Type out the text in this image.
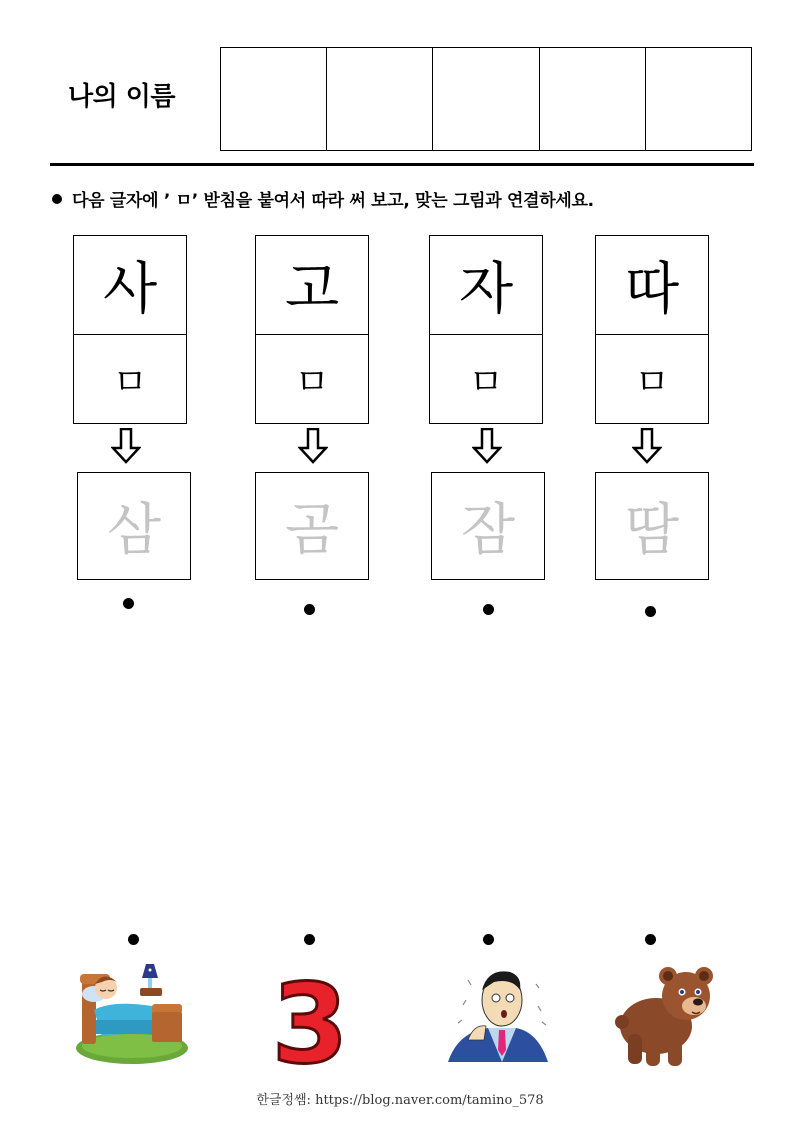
나의 이름
다음 글자에 ’ ㅁ’ 받침을 붙여서 따라 써 보고, 맞는 그림과 연결하세요.
사
ㅁ
삼
고
ㅁ
곰
자
ㅁ
잠
따
ㅁ
땀
3
한글정쌤: https://blog.naver.com/tamino_578
